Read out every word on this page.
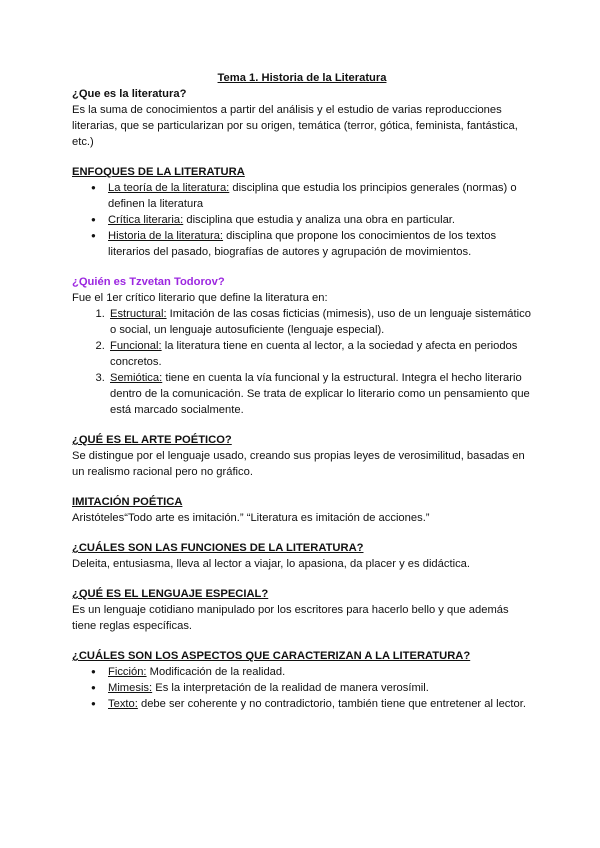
Tema 1. Historia de la Literatura

¿Que es la literatura?

Es la suma de conocimientos a partir del análisis y el estudio de varias reproducciones literarias, que se particularizan por su origen, temática (terror, gótica, feminista, fantástica, etc.)

ENFOQUES DE LA LITERATURA

● La teoría de la literatura: disciplina que estudia los principios generales (normas) o definen la literatura
● Crítica literaria: disciplina que estudia y analiza una obra en particular.
● Historia de la literatura: disciplina que propone los conocimientos de los textos literarios del pasado, biografías de autores y agrupación de movimientos.

¿Quién es Tzvetan Todorov?

Fue el 1er crítico literario que define la literatura en:

1. Estructural: Imitación de las cosas ficticias (mimesis), uso de un lenguaje sistemático o social, un lenguaje autosuficiente (lenguaje especial).
2. Funcional: la literatura tiene en cuenta al lector, a la sociedad y afecta en periodos concretos.
3. Semiótica: tiene en cuenta la vía funcional y la estructural. Integra el hecho literario dentro de la comunicación. Se trata de explicar lo literario como un pensamiento que está marcado socialmente.

¿QUÉ ES EL ARTE POÉTICO?

Se distingue por el lenguaje usado, creando sus propias leyes de verosimilitud, basadas en un realismo racional pero no gráfico.

IMITACIÓN POÉTICA

Aristóteles“Todo arte es imitación.” “Literatura es imitación de acciones.”

¿CUÁLES SON LAS FUNCIONES DE LA LITERATURA?

Deleita, entusiasma, lleva al lector a viajar, lo apasiona, da placer y es didáctica.

¿QUÉ ES EL LENGUAJE ESPECIAL?

Es un lenguaje cotidiano manipulado por los escritores para hacerlo bello y que además tiene reglas específicas.

¿CUÁLES SON LOS ASPECTOS QUE CARACTERIZAN A LA LITERATURA?

● Ficción: Modificación de la realidad.
● Mimesis: Es la interpretación de la realidad de manera verosímil.
● Texto: debe ser coherente y no contradictorio, también tiene que entretener al lector.
